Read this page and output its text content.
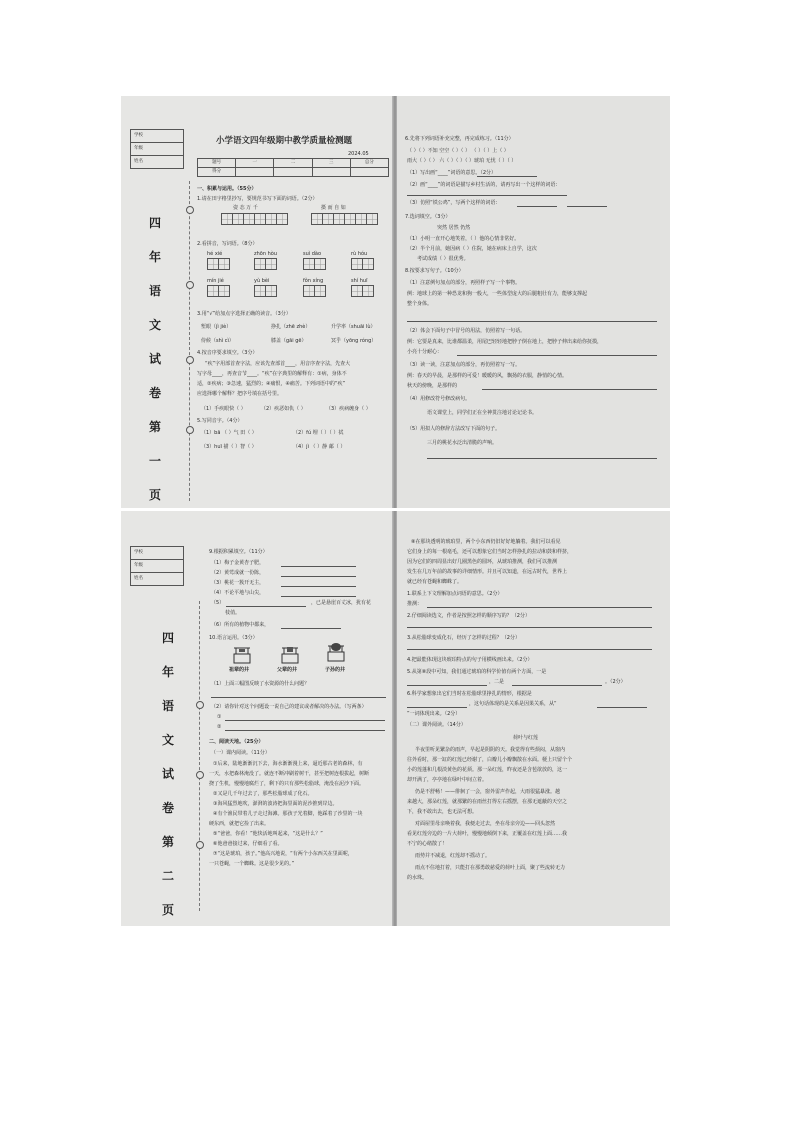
学校
年级
姓名
四
年
语
文
试
卷
第
一
页
小学语文四年级期中教学质量检测题
2024.05
题号	一	二	三	总分
得分
一、积累与运用。（55分）
1.请在田字格里抄写，要规范书写下面的词语。（2分）
姿 态 万 千	摄 而 自 如
2.看拼音，写词语。（8分）
hé xié	zhōn hòu	suì dào	rù hóu
mín jié	yù bèi	fǒn xíng	shí huī
3.用“√”给加点字选择正确的读音。（3分）
堑眼（jì jiè）	挣扎（zhē zhè）	升学率（shuāi lù）
侍候（shì cì）	膝盖（gāi gē）	冥乎（yōng róng）
4.按音序要求填空。（3分）
“疾”字用部首查字法，应该先查部首____，用音序查字法，先查大
写字母____，再查音节____。“疾”在字典里的解释有：①病，身体不
适，②疾病；③急速，猛烈的；④痛恨，④痛苦。下列词语中的“疾”
应选择哪个解释？把序号填在括号里。
（1）手疾眼快（ ）	（2）疾恶如仇（ ）	（3）疾病缠身（ ）
5.写同音字。（4分）
（1）bā （ ）气 田（ ）	（2）fú 埋（ ）（ ）拭
（3）huī 描（ ）智（ ）	（4）jì （ ）静 邮（ ）
6.先将下列词语补充完整，再完成练习。（11分）
（ ）（ ）不知 空空（ ）（ ） （ ）（ ）上（ ）
雨大（ ）（ ） 六（ ）（ ）（ ）琥珀 无忧（ ）（ ）
（1）写出画“____”词语的意思。（2分）
（2）画“____”的词语是描写乡村生活的，请再写出一个这样的词语：
（3）仿照“铁公鸡”，写两个这样的词语：
7.选词填空。（3分）
突然 居然 仍然
（1）小明一直开心地笑着，（ ）他的心情非常好。
（2）半个月前，她因病（ ）住院，她在病床上自学，这次
考试成绩（ ）很优秀。
8.按要求写句子。（10分）
（1）注意例句加点的部分，再照样子写一个事物。
例：地球上的第一种恐龙和狗一般大，一些体型庞大的后腿粗壮有力，能够支撑起
整个身体。
（2）体会下面句子中冒号的用法，仿照着写一句话。
例：它要是真来，比谁都温柔，用尾巴轻轻地把脖子倒在地上，把脖子伸出来给你抚摸，
小亮十分耐心：
（3）读一读，注意加点的部分，再仿照着写一写。
例：春天的早晨，是那样的可爱！暖暖的风，飘扬的衣服，静悄的心情。
秋天的傍晚，是那样的
（4）用修改符号修改病句。
语文课堂上，同学们正在全神贯注地讨论记论书。
（5）用拟人的修辞方法改写下面的句子。
三月的桃花水泛出清脆的声响。
学校
年级
姓名
四
年
语
文
试
卷
第
二
页
9.根据积累填空。（11分）
（1）梅子金黄杏子肥，
（2）黄莺成就一份陈，
（3）桃花一簇开无主，
（4）不论平地与山尖，
（5）	，已是悬崖百丈冰，犹有花
枝俏。
（6）所有的植物中都来，
10.语言运用。（3分）
祖辈的井	父辈的井	子孙的井
（1）上面三幅图反映了水资源的什么问题？
（2）请你针对这个问题设一说自己的建议或者解决的办法。（写两条）
①
②
二、阅读天地。（25分）
（一）课内阅读。（11分）
①后来，陆地渐渐沉下去，海水渐渐漫上来，逼近那古老的森林，有
一天，水把森林淹没了。就连不断冲刷着树干，甚至把树连根拔起，树断
挠了生机，慢慢地腐烂了，剩下的只有那些松脂球，淹没在泥沙下面。
②又是几千年过去了，那些松脂球成了化石。
③海风猛烈地吹，澎湃的波涛把海里面的泥沙推到岸边。
④有个渔民带着儿子走过海滩。那孩子光着脚，他踩着了沙里的一块
硬东西，就把它捡了出来。
⑤“爸爸，你看！”他快活地叫起来，“这是什么？”
⑥他爸爸接过来，仔细看了看。
⑦“这是琥珀，孩子。”他高兴地说，“有两个小东西关在里面呢，
一只苍蝇，一个蜘蛛。这是很少见的。”
⑧在那块透明的琥珀里，两个小东西仍旧好好地躺着。我们可以看见
它们身上的每一根毫毛，还可以想象它们当时怎样挣扎的拉动和鼓和样挤，
因为它们的四周显出好几圈黑色的圆环，从琥珀推测，我们可以推测
发生在几万年前的故事的详细情形。并且可以知道，在远古时代，世界上
就已经有苍蝇和蜘蛛了。
1.联系上下文理解加点词语的意思。（2分）
推测：
2.仔细阅读选文，作者是按照怎样的顺序写的？（2分）
3.从松脂球变成化石，经历了怎样的过程？（2分）
4.把最能体现这块琥珀特点的句子用横线画出来。（2分）
5.从第⑧段中可知，我们通过琥珀的科学价值有两个方面，一是
，二是	。（2分）
6.科学家想象出它们当时在松脂球里挣扎的情形，根据是
，这句话体现的是关系是因果关系，从“
”一词体现出来。（2分）
（二）课外阅读。（14分）
荷叶与红莲
半夜里听见繁杂的雨声，早起是阴阴的天。我觉得有些烦闷，从窗内
往外看时，那一缸的红莲已经谢了，白瓣儿小瓣飘散在水面。梗上只留个个
小的莲蓬和几根淡黄色的花须。那一朵红莲，昨夜还是含苞欲放的，这一
却开满了，亭亭地在绿叶中间立着。
仍是不舒畅！——徘徊了一会，窗外雷声作起，大雨很猛暴涨。越
来越大，那朵红莲，就那繁的在雨丝打得左右摇摆，在那无遮蔽的天空之
下，我不敢出去，也无法可想。
对面屋里母亲唤着我，我便走过去，坐在母亲旁边——回头忽然
看见红莲旁边的一片大荷叶，慢慢地倾倒下来，正覆盖在红莲上面……我
不宁的心绪散了！
雨势并不减退，红莲却不摇动了。
雨点不住地打着，只能打在那勇敢慈爱的荷叶上面，聚了些流转无力
的水珠。
